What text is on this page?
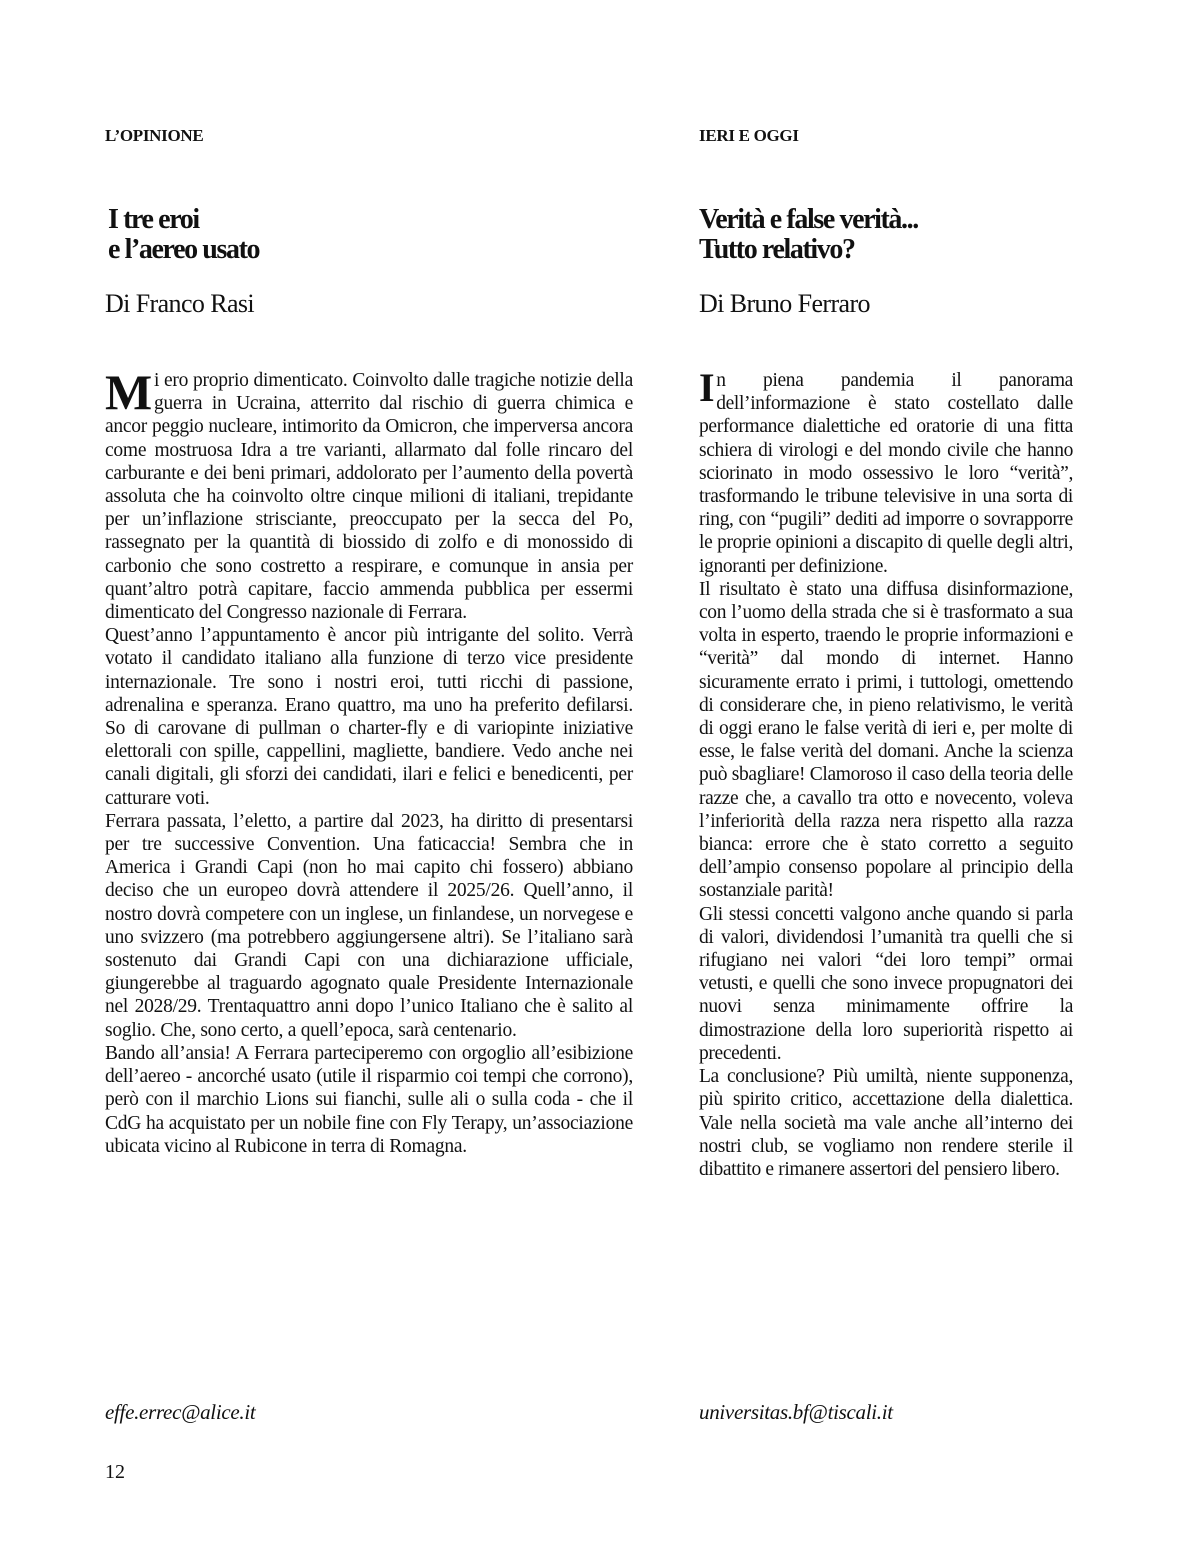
L’OPINIONE
I tre eroi
e l’aereo usato
Di Franco Rasi

Mi ero proprio dimenticato. Coinvolto dalle tragiche notizie della guerra in Ucraina, atterrito dal rischio di guerra chimica e ancor peggio nucleare, intimorito da Omicron, che imperversa ancora come mostruosa Idra a tre varianti, allarmato dal folle rincaro del carburante e dei beni primari, addolorato per l’aumento della povertà assoluta che ha coinvolto oltre cinque milioni di italiani, trepidante per un’inflazione strisciante, preoccupato per la secca del Po, rassegnato per la quantità di biossido di zolfo e di monossido di carbonio che sono costretto a respirare, e comunque in ansia per quant’altro potrà capitare, faccio ammenda pubblica per essermi dimenticato del Congresso nazionale di Ferrara.

Quest’anno l’appuntamento è ancor più intrigante del solito. Verrà votato il candidato italiano alla funzione di terzo vice presidente internazionale. Tre sono i nostri eroi, tutti ricchi di passione, adrenalina e speranza. Erano quattro, ma uno ha preferito defilarsi. So di carovane di pullman o charter-fly e di variopinte iniziative elettorali con spille, cappellini, magliette, bandiere. Vedo anche nei canali digitali, gli sforzi dei candidati, ilari e felici e benedicenti, per catturare voti.

Ferrara passata, l’eletto, a partire dal 2023, ha diritto di presentarsi per tre successive Convention. Una faticaccia! Sembra che in America i Grandi Capi (non ho mai capito chi fossero) abbiano deciso che un europeo dovrà attendere il 2025/26. Quell’anno, il nostro dovrà competere con un inglese, un finlandese, un norvegese e uno svizzero (ma potrebbero aggiungersene altri). Se l’italiano sarà sostenuto dai Grandi Capi con una dichiarazione ufficiale, giungerebbe al traguardo agognato quale Presidente Internazionale nel 2028/29. Trentaquattro anni dopo l’unico Italiano che è salito al soglio. Che, sono certo, a quell’epoca, sarà centenario.

Bando all’ansia! A Ferrara parteciperemo con orgoglio all’esibizione dell’aereo - ancorché usato (utile il risparmio coi tempi che corrono), però con il marchio Lions sui fianchi, sulle ali o sulla coda - che il CdG ha acquistato per un nobile fine con Fly Terapy, un’associazione ubicata vicino al Rubicone in terra di Romagna.

effe.errec@alice.it
IERI E OGGI
Verità e false verità...
Tutto relativo?
Di Bruno Ferraro

In piena pandemia il panorama dell’informazione è stato costellato dalle performance dialettiche ed oratorie di una fitta schiera di virologi e del mondo civile che hanno sciorinato in modo ossessivo le loro “verità”, trasformando le tribune televisive in una sorta di ring, con “pugili” dediti ad imporre o sovrapporre le proprie opinioni a discapito di quelle degli altri, ignoranti per definizione.

Il risultato è stato una diffusa disinformazione, con l’uomo della strada che si è trasformato a sua volta in esperto, traendo le proprie informazioni e “verità” dal mondo di internet. Hanno sicuramente errato i primi, i tuttologi, omettendo di considerare che, in pieno relativismo, le verità di oggi erano le false verità di ieri e, per molte di esse, le false verità del domani. Anche la scienza può sbagliare! Clamoroso il caso della teoria delle razze che, a cavallo tra otto e novecento, voleva l’inferiorità della razza nera rispetto alla razza bianca: errore che è stato corretto a seguito dell’ampio consenso popolare al principio della sostanziale parità!

Gli stessi concetti valgono anche quando si parla di valori, dividendosi l’umanità tra quelli che si rifugiano nei valori “dei loro tempi” ormai vetusti, e quelli che sono invece propugnatori dei nuovi senza minimamente offrire la dimostrazione della loro superiorità rispetto ai precedenti.

La conclusione? Più umiltà, niente supponenza, più spirito critico, accettazione della dialettica. Vale nella società ma vale anche all’interno dei nostri club, se vogliamo non rendere sterile il dibattito e rimanere assertori del pensiero libero.

universitas.bf@tiscali.it
12
